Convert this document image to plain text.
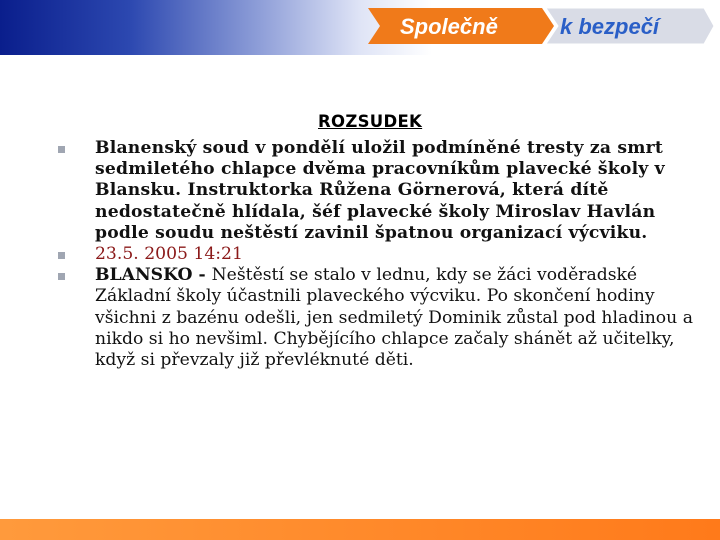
Společně	k bezpečí
ROZSUDEK
Blanenský soud v pondělí uložil podmíněné tresty za smrt sedmiletého chlapce dvěma pracovníkům plavecké školy v Blansku. Instruktorka Růžena Görnerová, která dítě nedostatečně hlídala, šéf plavecké školy Miroslav Havlán podle soudu neštěstí zavinil špatnou organizací výcviku.
23.5. 2005 14:21
BLANSKO - Neštěstí se stalo v lednu, kdy se žáci voděradské Základní školy účastnili plaveckého výcviku. Po skončení hodiny všichni z bazénu odešli, jen sedmiletý Dominik zůstal pod hladinou a nikdo si ho nevšiml. Chybějícího chlapce začaly shánět až učitelky, když si převzaly již převléknuté děti.
